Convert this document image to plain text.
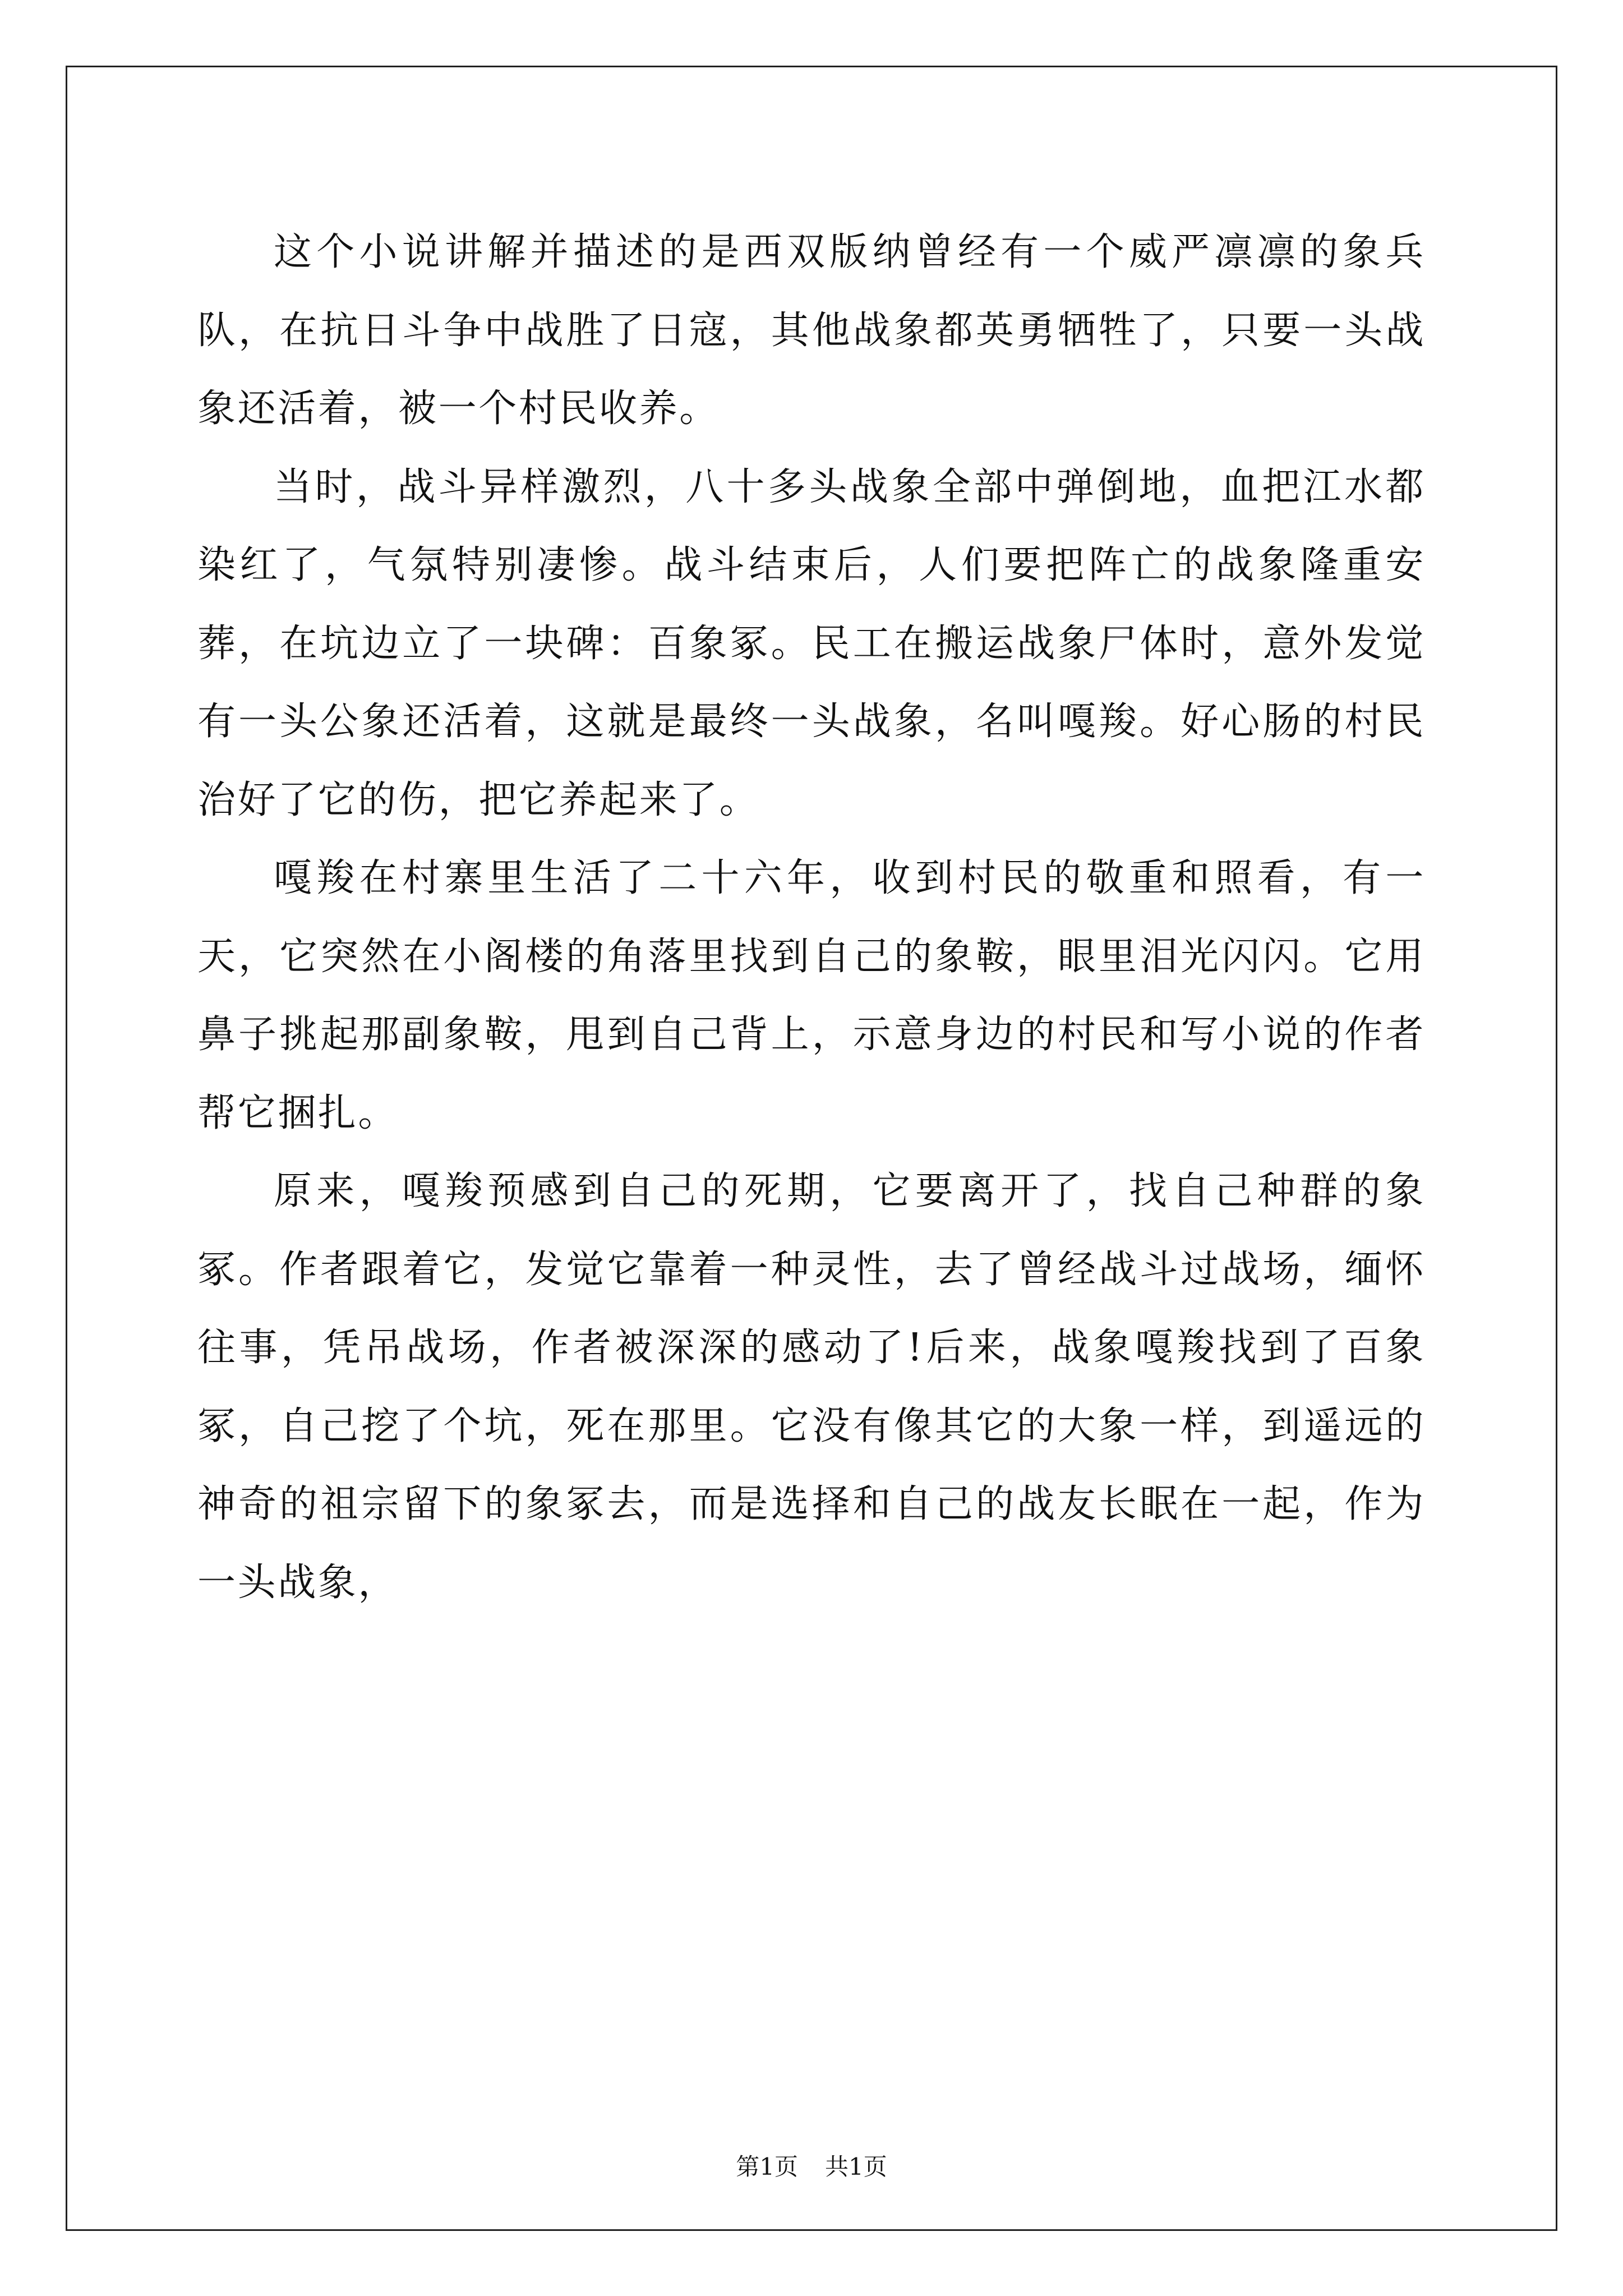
这个小说讲解并描述的是西双版纳曾经有一个威严凛凛的象兵队，在抗日斗争中战胜了日寇，其他战象都英勇牺牲了，只要一头战象还活着，被一个村民收养。

当时，战斗异样激烈，八十多头战象全部中弹倒地，血把江水都染红了，气氛特别凄惨。战斗结束后，人们要把阵亡的战象隆重安葬，在坑边立了一块碑：百象冢。民工在搬运战象尸体时，意外发觉有一头公象还活着，这就是最终一头战象，名叫嘎羧。好心肠的村民治好了它的伤，把它养起来了。

嘎羧在村寨里生活了二十六年，收到村民的敬重和照看，有一天，它突然在小阁楼的角落里找到自己的象鞍，眼里泪光闪闪。它用鼻子挑起那副象鞍，甩到自己背上，示意身边的村民和写小说的作者帮它捆扎。

原来，嘎羧预感到自己的死期，它要离开了，找自己种群的象冢。作者跟着它，发觉它靠着一种灵性，去了曾经战斗过战场，缅怀往事，凭吊战场，作者被深深的感动了!后来，战象嘎羧找到了百象冢，自己挖了个坑，死在那里。它没有像其它的大象一样，到遥远的神奇的祖宗留下的象冢去，而是选择和自己的战友长眠在一起，作为一头战象，

第1页 共1页
